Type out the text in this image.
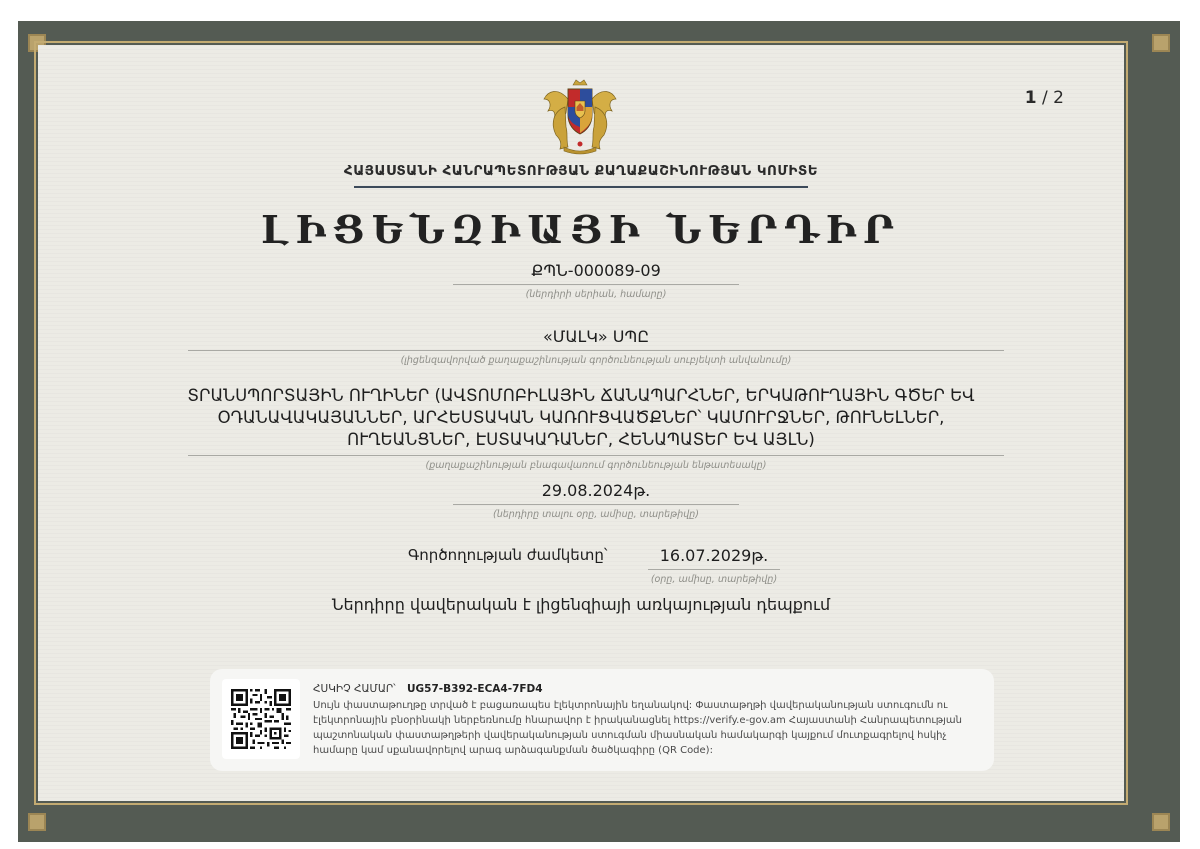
1 / 2
ՀԱՅԱՍՏԱՆԻ ՀԱՆՐԱՊԵՏՈՒԹՅԱՆ ՔԱՂԱՔԱՇԻՆՈՒԹՅԱՆ ԿՈՄԻՏԵ
ԼԻՑԵՆԶԻԱՅԻ ՆԵՐԴԻՐ
ՔՊՆ-000089-09
(ներդիրի սերիան, համարը)
«ՄԱԼԿ» ՍՊԸ
(լիցենզավորված քաղաքաշինության գործունեության սուբյեկտի անվանումը)
ՏՐԱՆՍՊՈՐՏԱՅԻՆ ՈՒՂԻՆԵՐ (ԱՎՏՈՄՈԲԻԼԱՅԻՆ ՃԱՆԱՊԱՐՀՆԵՐ, ԵՐԿԱԹՈՒՂԱՅԻՆ ԳԾԵՐ ԵՎ ՕԴԱՆԱՎԱԿԱՅԱՆՆԵՐ, ԱՐՀԵՍՏԱԿԱՆ ԿԱՌՈՒՑՎԱԾՔՆԵՐ՝ ԿԱՄՈՒՐՋՆԵՐ, ԹՈՒՆԵԼՆԵՐ, ՈՒՂԵԱՆՑՆԵՐ, ԷՍՏԱԿԱԴԱՆԵՐ, ՀԵՆԱՊԱՏԵՐ ԵՎ ԱՅԼՆ)
(քաղաքաշինության բնագավառում գործունեության ենթատեսակը)
29.08.2024թ.
(ներդիրը տալու օրը, ամիսը, տարեթիվը)
Գործողության ժամկետը՝	16.07.2029թ.
(օրը, ամիսը, տարեթիվը)
Ներդիրը վավերական է լիցենզիայի առկայության դեպքում
ՀՍԿԻՉ ՀԱՄԱՐ՝ UG57-B392-ECA4-7FD4
Սույն փաստաթուղթը տրված է բացառապես էլեկտրոնային եղանակով: Փաստաթղթի վավերականության ստուգումն ու էլեկտրոնային բնօրինակի ներբեռնումը հնարավոր է իրականացնել https://verify.e-gov.am Հայաստանի Հանրապետության պաշտոնական փաստաթղթերի վավերականության ստուգման միասնական համակարգի կայքում մուտքագրելով հսկիչ համարը կամ սքանավորելով արագ արձագանքման ծածկագիրը (QR Code):
